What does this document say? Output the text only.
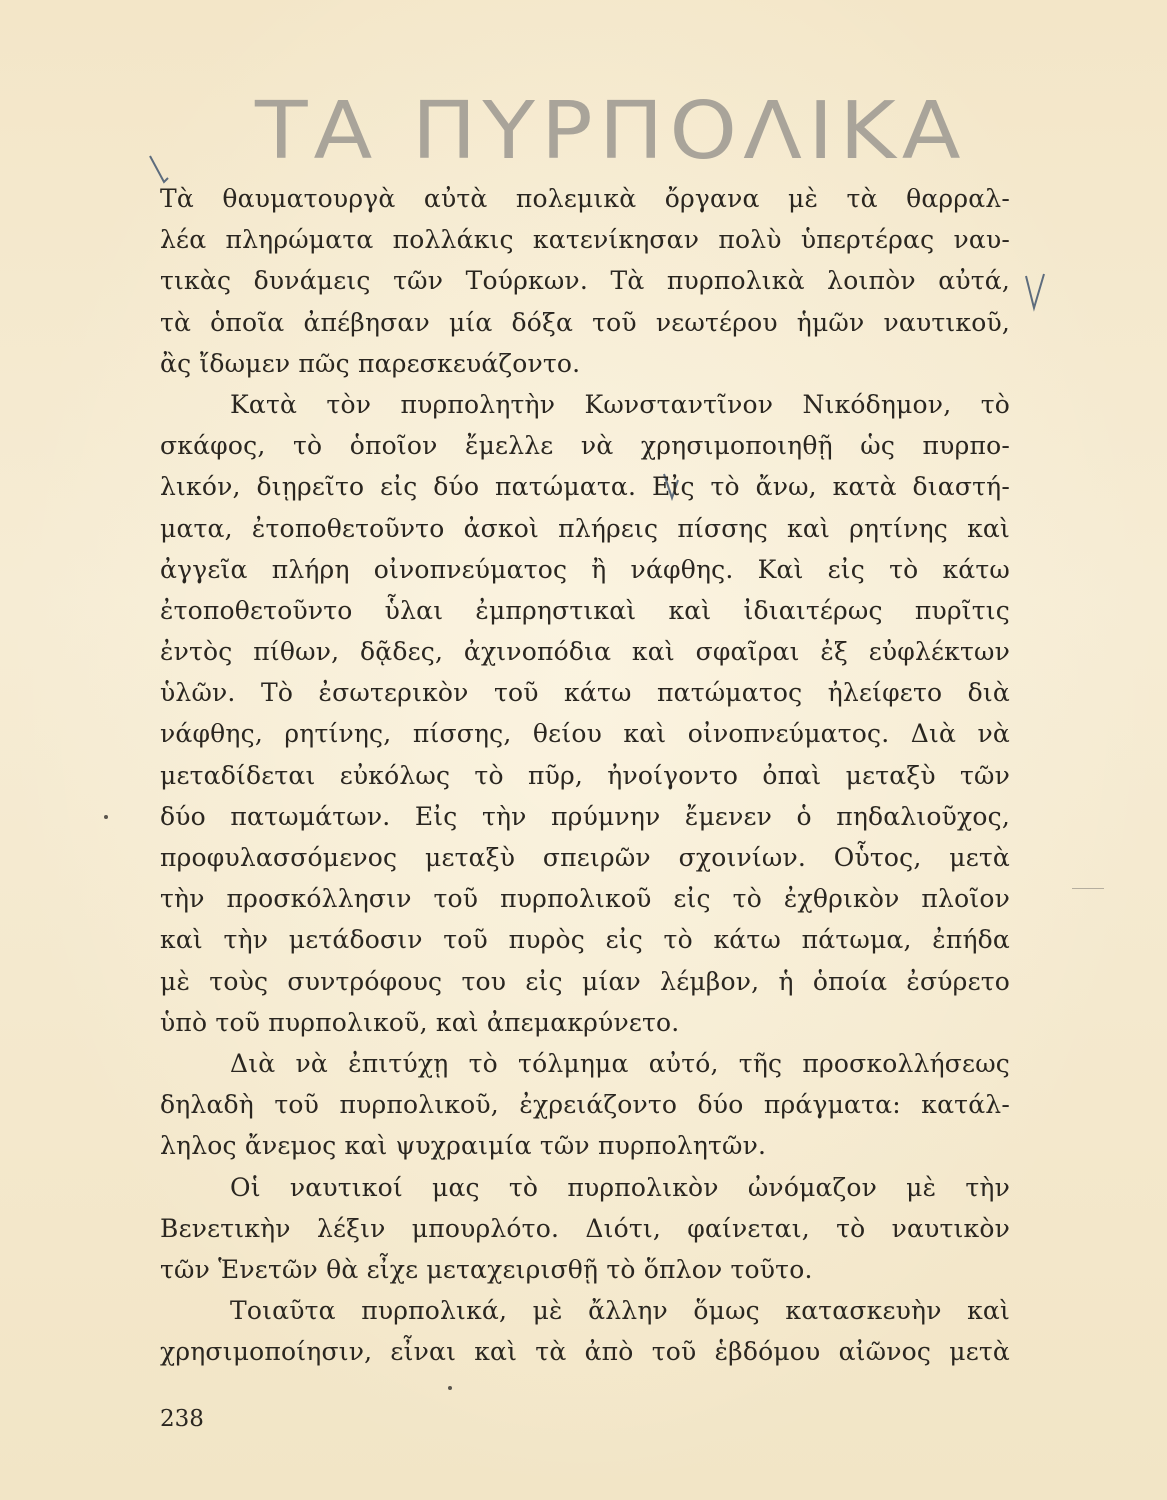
ΤΑ ΠΥΡΠΟΛΙΚΑ
Τὰ θαυματουργὰ αὐτὰ πολεμικὰ ὄργανα μὲ τὰ θαρραλ-
λέα πληρώματα πολλάκις κατενίκησαν πολὺ ὑπερτέρας ναυ-
τικὰς δυνάμεις τῶν Τούρκων. Τὰ πυρπολικὰ λοιπὸν αὐτά,
τὰ ὁποῖα ἀπέβησαν μία δόξα τοῦ νεωτέρου ἡμῶν ναυτικοῦ,
ἂς ἴδωμεν πῶς παρεσκευάζοντο.
Κατὰ τὸν πυρπολητὴν Κωνσταντῖνον Νικόδημον, τὸ
σκάφος, τὸ ὁποῖον ἔμελλε νὰ χρησιμοποιηθῇ ὡς πυρπο-
λικόν, διῃρεῖτο εἰς δύο πατώματα. Εἰς τὸ ἄνω, κατὰ διαστή-
ματα, ἐτοποθετοῦντο ἀσκοὶ πλήρεις πίσσης καὶ ρητίνης καὶ
ἀγγεῖα πλήρη οἰνοπνεύματος ἢ νάφθης. Καὶ εἰς τὸ κάτω
ἐτοποθετοῦντο ὗλαι ἐμπρηστικαὶ καὶ ἰδιαιτέρως πυρῖτις
ἐντὸς πίθων, δᾷδες, ἀχινοπόδια καὶ σφαῖραι ἐξ εὐφλέκτων
ὑλῶν. Τὸ ἐσωτερικὸν τοῦ κάτω πατώματος ἠλείφετο διὰ
νάφθης, ρητίνης, πίσσης, θείου καὶ οἰνοπνεύματος. Διὰ νὰ
μεταδίδεται εὐκόλως τὸ πῦρ, ἠνοίγοντο ὀπαὶ μεταξὺ τῶν
δύο πατωμάτων. Εἰς τὴν πρύμνην ἔμενεν ὁ πηδαλιοῦχος,
προφυλασσόμενος μεταξὺ σπειρῶν σχοινίων. Οὗτος, μετὰ
τὴν προσκόλλησιν τοῦ πυρπολικοῦ εἰς τὸ ἐχθρικὸν πλοῖον
καὶ τὴν μετάδοσιν τοῦ πυρὸς εἰς τὸ κάτω πάτωμα, ἐπήδα
μὲ τοὺς συντρόφους του εἰς μίαν λέμβον, ἡ ὁποία ἐσύρετο
ὑπὸ τοῦ πυρπολικοῦ, καὶ ἀπεμακρύνετο.
Διὰ νὰ ἐπιτύχῃ τὸ τόλμημα αὐτό, τῆς προσκολλήσεως
δηλαδὴ τοῦ πυρπολικοῦ, ἐχρειάζοντο δύο πράγματα: κατάλ-
ληλος ἄνεμος καὶ ψυχραιμία τῶν πυρπολητῶν.
Οἱ ναυτικοί μας τὸ πυρπολικὸν ὠνόμαζον μὲ τὴν
Βενετικὴν λέξιν μπουρλότο. Διότι, φαίνεται, τὸ ναυτικὸν
τῶν Ἑνετῶν θὰ εἶχε μεταχειρισθῇ τὸ ὅπλον τοῦτο.
Τοιαῦτα πυρπολικά, μὲ ἄλλην ὅμως κατασκευὴν καὶ
χρησιμοποίησιν, εἶναι καὶ τὰ ἀπὸ τοῦ ἑβδόμου αἰῶνος μετὰ
238
